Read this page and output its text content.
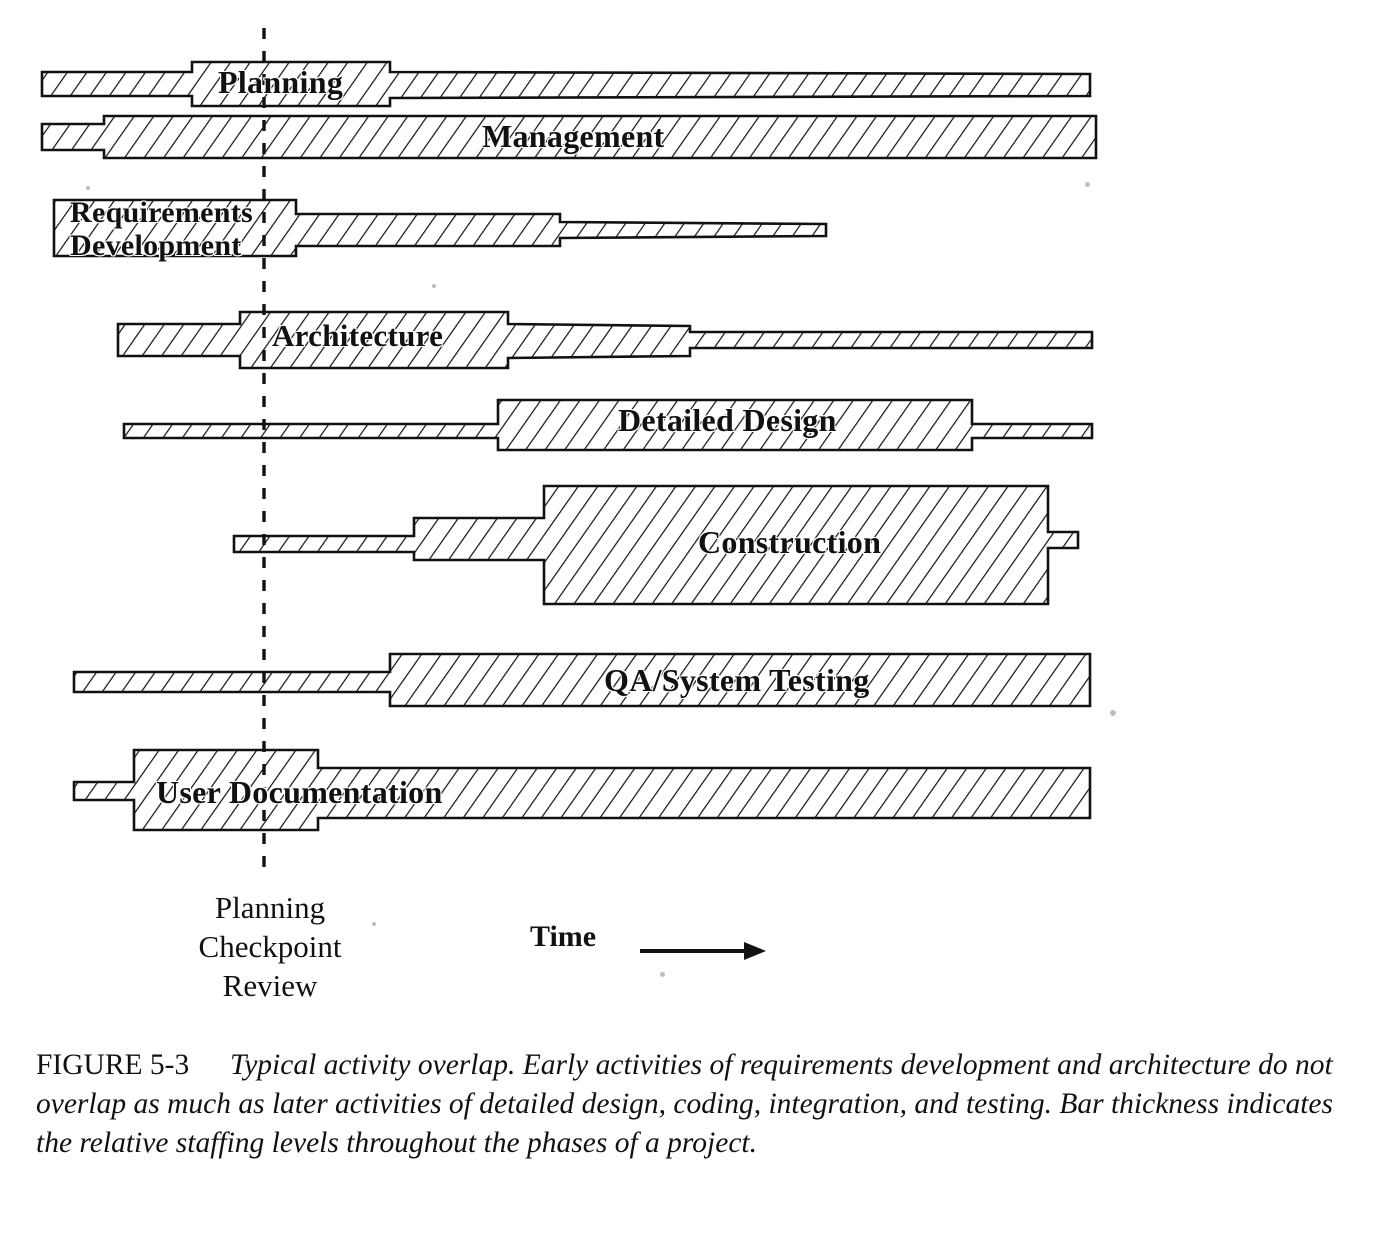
Planning
Management
Requirements Development
Architecture
Detailed Design
Construction
QA/System Testing
User Documentation
Planning
Checkpoint
Review
Time
FIGURE 5-3 Typical activity overlap. Early activities of requirements development and architecture do not overlap as much as later activities of detailed design, coding, integration, and testing. Bar thickness indicates the relative staffing levels throughout the phases of a project.
